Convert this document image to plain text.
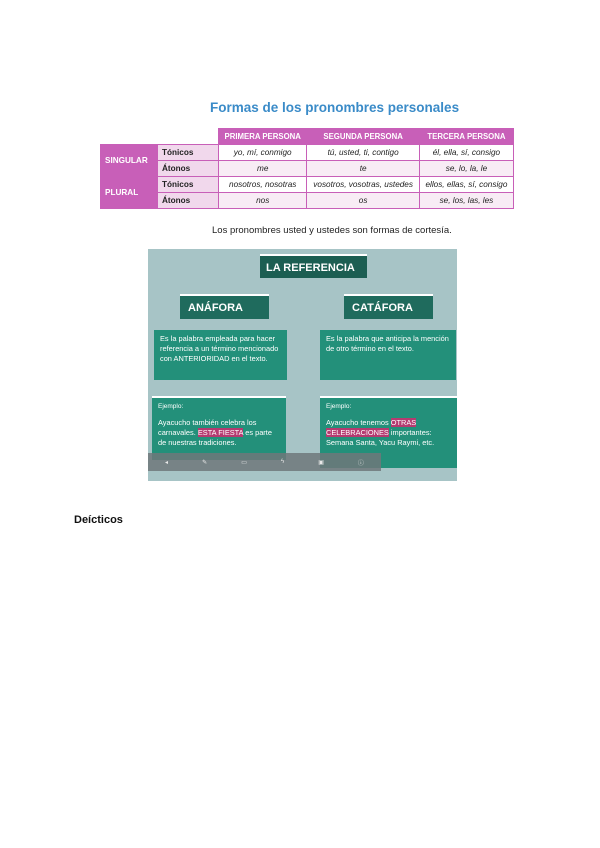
Formas de los pronombres personales
		PRIMERA PERSONA	SEGUNDA PERSONA	TERCERA PERSONA
SINGULAR	Tónicos	yo, mí, conmigo	tú, usted, ti, contigo	él, ella, sí, consigo
	Átonos	me	te	se, lo, la, le
PLURAL	Tónicos	nosotros, nosotras	vosotros, vosotras, ustedes	ellos, ellas, sí, consigo
	Átonos	nos	os	se, los, las, les
Los pronombres usted y ustedes son formas de cortesía.
LA REFERENCIA
ANÁFORA	CATÁFORA
Es la palabra empleada para hacer referencia a un término mencionado con ANTERIORIDAD en el texto.
Es la palabra que anticipa la mención de otro término en el texto.
Ejemplo:
Ayacucho también celebra los carnavales. ESTA FIESTA es parte de nuestras tradiciones.
Ejemplo:
Ayacucho tenemos OTRAS CELEBRACIONES importantes: Semana Santa, Yacu Raymi, etc.
◂	✎	▭	ϟ	▣	ⓘ
Deícticos
